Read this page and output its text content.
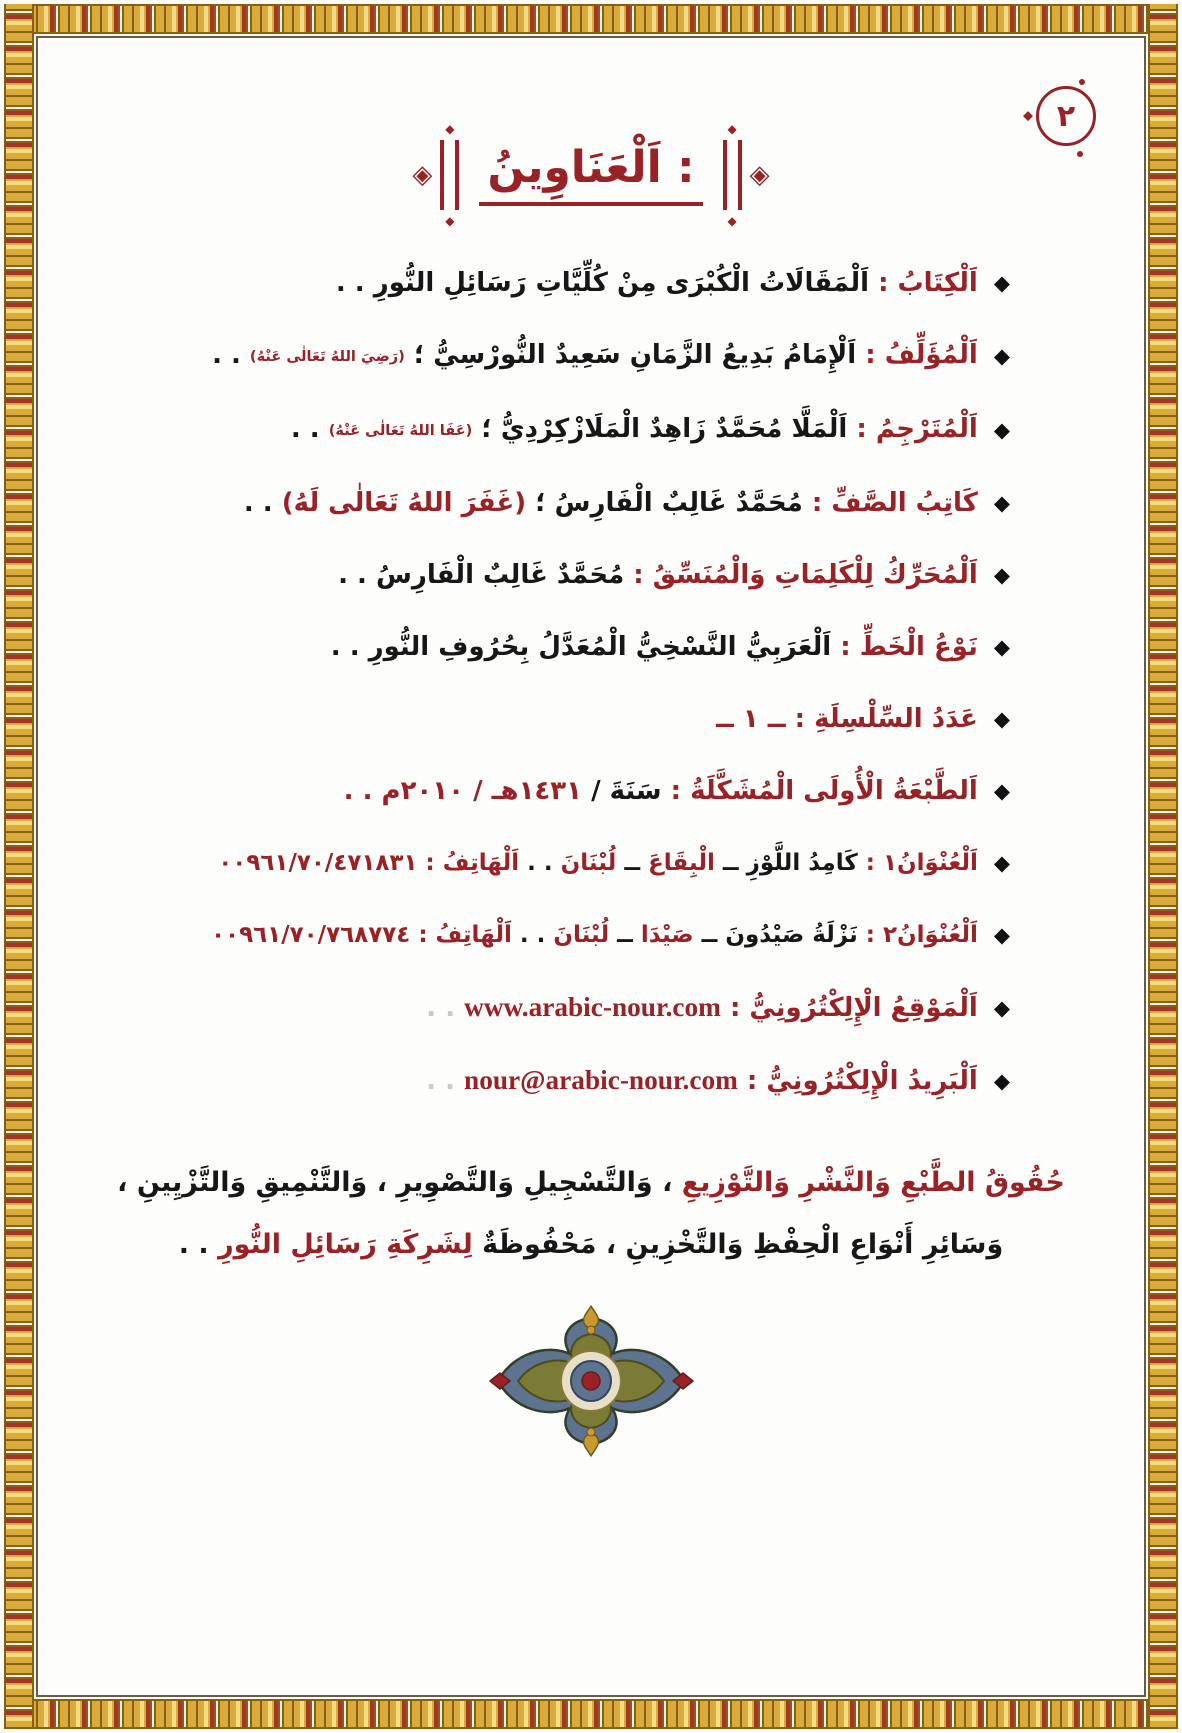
◆ ٢
◈ ◆ ◆ اَلْعَنَاوِينُ : ◆ ◆	◈
◆
اَلْكِتَابُ : اَلْمَقَالَاتُ الْكُبْرَى مِنْ كُلِّيَّاتِ رَسَائِلِ النُّورِ . .
◆
اَلْمُؤَلِّفُ : اَلْإِمَامُ بَدِيعُ الزَّمَانِ سَعِيدٌ النُّورْسِيُّ ؛ (رَضِيَ اللهُ تَعَالٰى عَنْهُ) . .
◆
اَلْمُتَرْجِمُ : اَلْمَلَّا مُحَمَّدٌ زَاهِدٌ الْمَلَازْكِرْدِيُّ ؛ (عَفَا اللهُ تَعَالٰى عَنْهُ) . .
◆
كَاتِبُ الصَّفِّ : مُحَمَّدٌ غَالِبٌ الْفَارِسُ ؛ (غَفَرَ اللهُ تَعَالٰى لَهُ) . .
◆
اَلْمُحَرِّكُ لِلْكَلِمَاتِ وَالْمُنَسِّقُ : مُحَمَّدٌ غَالِبٌ الْفَارِسُ . .
◆
نَوْعُ الْخَطِّ : اَلْعَرَبِيُّ النَّسْخِيُّ الْمُعَدَّلُ بِحُرُوفِ النُّورِ . .
◆
عَدَدُ السِّلْسِلَةِ : ــ ١ ــ
◆
اَلطَّبْعَةُ الْأُولَى الْمُشَكَّلَةُ : سَنَةَ / ١٤٣١هـ / ٢٠١٠م . .
◆
اَلْعُنْوَانُ١ : كَامِدُ اللَّوْزِ ــ الْبِقَاعَ ــ لُبْنَانَ . . اَلْهَاتِفُ : ٠٠٩٦١/٧٠/٤٧١٨٣١
◆
اَلْعُنْوَانُ٢ : نَزْلَةُ صَيْدُونَ ــ صَيْدَا ــ لُبْنَانَ . . اَلْهَاتِفُ : ٠٠٩٦١/٧٠/٧٦٨٧٧٤
◆
اَلْمَوْقِعُ الْإِلِكْتُرُونِيُّ : www.arabic-nour.com . .
◆
اَلْبَرِيدُ الْإِلِكْتُرُونِيُّ : nour@arabic-nour.com . .
حُقُوقُ الطَّبْعِ وَالنَّشْرِ وَالتَّوْزِيعِ ، وَالتَّسْجِيلِ وَالتَّصْوِيرِ ، وَالتَّنْمِيقِ وَالتَّزْيِينِ ، وَسَائِرِ أَنْوَاعِ الْحِفْظِ وَالتَّخْزِينِ ، مَحْفُوظَةٌ لِشَرِكَةِ رَسَائِلِ النُّورِ . .
